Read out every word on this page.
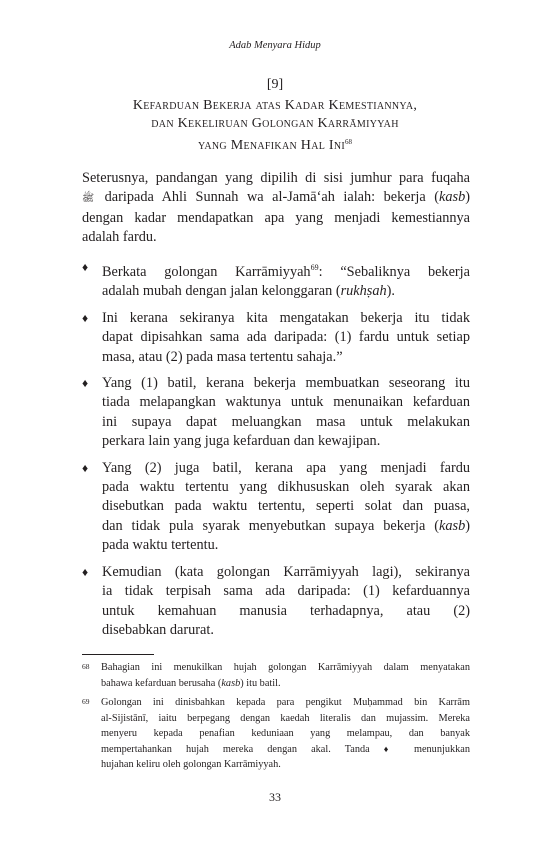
Adab Menyara Hidup
[9]
Kefarduan Bekerja atas Kadar Kemestiannya,
dan Kekeliruan Golongan Karrāmiyyah
yang Menafikan Hal Ini$^{68}$
Seterusnya, pandangan yang dipilih di sisi jumhur para fuqaha
ﷺ daripada Ahli Sunnah wa al-Jamā‘ah ialah: bekerja (kasb)
dengan kadar mendapatkan apa yang menjadi kemestiannya
adalah fardu.
♦ Berkata golongan Karrāmiyyah$^{69}$: “Sebaliknya bekerja
adalah mubah dengan jalan kelonggaran (rukhṣah).
♦ Ini kerana sekiranya kita mengatakan bekerja itu tidak
dapat dipisahkan sama ada daripada: (1) fardu untuk setiap
masa, atau (2) pada masa tertentu sahaja.”
♦ Yang (1) batil, kerana bekerja membuatkan seseorang itu
tiada melapangkan waktunya untuk menunaikan kefarduan
ini supaya dapat meluangkan masa untuk melakukan
perkara lain yang juga kefarduan dan kewajipan.
♦ Yang (2) juga batil, kerana apa yang menjadi fardu
pada waktu tertentu yang dikhususkan oleh syarak akan
disebutkan pada waktu tertentu, seperti solat dan puasa,
dan tidak pula syarak menyebutkan supaya bekerja (kasb)
pada waktu tertentu.
♦ Kemudian (kata golongan Karrāmiyyah lagi), sekiranya
ia tidak terpisah sama ada daripada: (1) kefarduannya
untuk kemahuan manusia terhadapnya, atau (2)
disebabkan darurat.
68 Bahagian ini menukilkan hujah golongan Karrāmiyyah dalam menyatakan
bahawa kefarduan berusaha (kasb) itu batil.
69 Golongan ini dinisbahkan kepada para pengikut Muḥammad bin Karrām
al-Sijistānī, iaitu berpegang dengan kaedah literalis dan mujassim. Mereka
menyeru kepada penafian keduniaan yang melampau, dan banyak
mempertahankan hujah mereka dengan akal. Tanda ♦ menunjukkan
hujahan keliru oleh golongan Karrāmiyyah.
33
